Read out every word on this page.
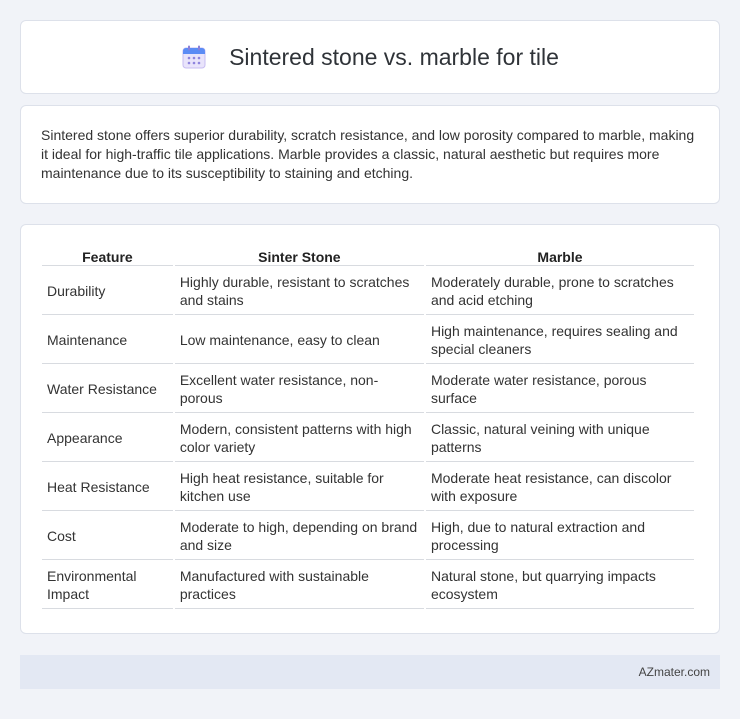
Sintered stone vs. marble for tile

Sintered stone offers superior durability, scratch resistance, and low porosity compared to marble, making it ideal for high-traffic tile applications. Marble provides a classic, natural aesthetic but requires more maintenance due to its susceptibility to staining and etching.

Feature	Sinter Stone	Marble
Durability	Highly durable, resistant to scratches and stains	Moderately durable, prone to scratches and acid etching
Maintenance	Low maintenance, easy to clean	High maintenance, requires sealing and special cleaners
Water Resistance	Excellent water resistance, non-porous	Moderate water resistance, porous surface
Appearance	Modern, consistent patterns with high color variety	Classic, natural veining with unique patterns
Heat Resistance	High heat resistance, suitable for kitchen use	Moderate heat resistance, can discolor with exposure
Cost	Moderate to high, depending on brand and size	High, due to natural extraction and processing
Environmental Impact	Manufactured with sustainable practices	Natural stone, but quarrying impacts ecosystem
AZmater.com
